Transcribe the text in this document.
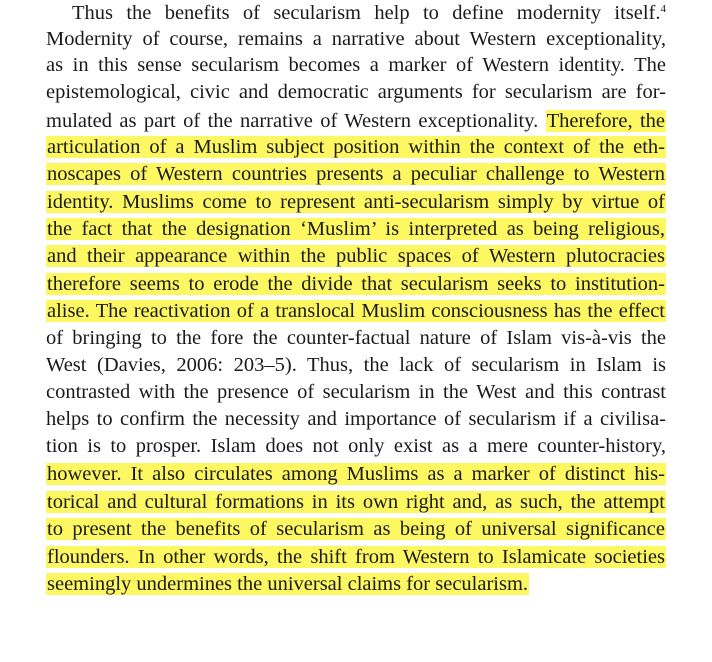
Thus the benefits of secularism help to define modernity itself.$^4$
Modernity of course, remains a narrative about Western exceptionality,
as in this sense secularism becomes a marker of Western identity. The
epistemological, civic and democratic arguments for secularism are for-
mulated as part of the narrative of Western exceptionality. Therefore, the
articulation of a Muslim subject position within the context of the eth-
noscapes of Western countries presents a peculiar challenge to Western
identity. Muslims come to represent anti-secularism simply by virtue of
the fact that the designation ‘Muslim’ is interpreted as being religious,
and their appearance within the public spaces of Western plutocracies
therefore seems to erode the divide that secularism seeks to institution-
alise. The reactivation of a translocal Muslim consciousness has the effect
of bringing to the fore the counter-factual nature of Islam vis-à-vis the
West (Davies, 2006: 203–5). Thus, the lack of secularism in Islam is
contrasted with the presence of secularism in the West and this contrast
helps to confirm the necessity and importance of secularism if a civilisa-
tion is to prosper. Islam does not only exist as a mere counter-history,
however. It also circulates among Muslims as a marker of distinct his-
torical and cultural formations in its own right and, as such, the attempt
to present the benefits of secularism as being of universal significance
flounders. In other words, the shift from Western to Islamicate societies
seemingly undermines the universal claims for secularism.
